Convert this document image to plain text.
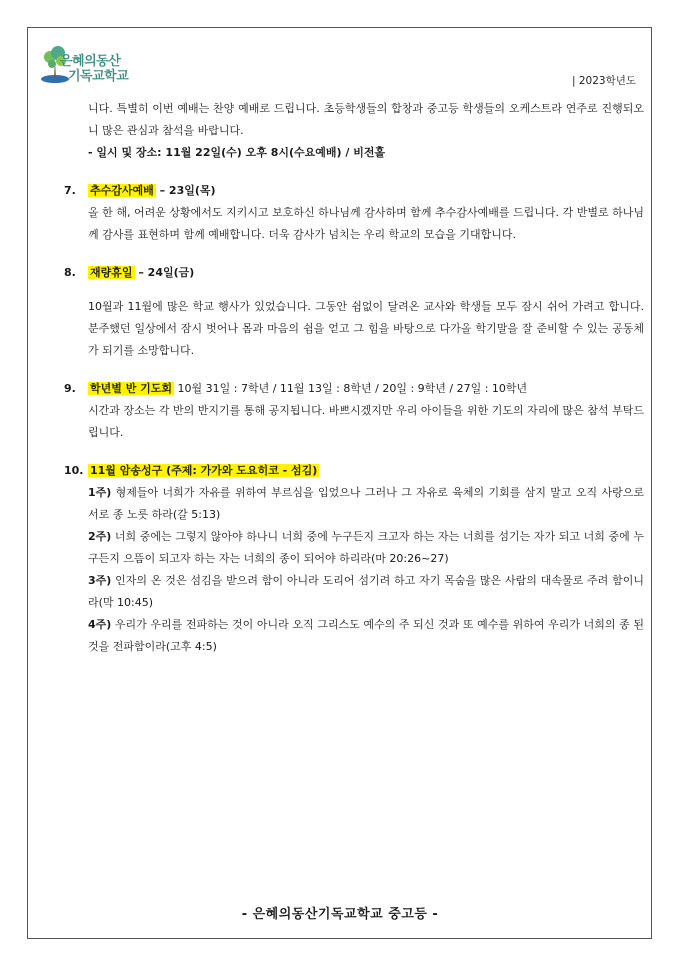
은혜의동산
기독교학교	| 2023학년도

니다. 특별히 이번 예배는 찬양 예배로 드립니다. 초등학생들의 합창과 중고등 학생들의 오케스트라 연주로 진행되오니 많은 관심과 참석을 바랍니다.

- 일시 및 장소: 11월 22일(수) 오후 8시(수요예배) / 비전홀

7. 추수감사예배 – 23일(목)

올 한 해, 어려운 상황에서도 지키시고 보호하신 하나님께 감사하며 함께 추수감사예배를 드립니다. 각 반별로 하나님께 감사를 표현하며 함께 예배합니다. 더욱 감사가 넘치는 우리 학교의 모습을 기대합니다.

8. 재량휴일 – 24일(금)

10월과 11월에 많은 학교 행사가 있었습니다. 그동안 쉼없이 달려온 교사와 학생들 모두 잠시 쉬어 가려고 합니다. 분주했던 일상에서 잠시 벗어나 몸과 마음의 쉼을 얻고 그 힘을 바탕으로 다가올 학기말을 잘 준비할 수 있는 공동체가 되기를 소망합니다.

9. 학년별 반 기도회 10월 31일 : 7학년 / 11월 13일 : 8학년 / 20일 : 9학년 / 27일 : 10학년

시간과 장소는 각 반의 반지기를 통해 공지됩니다. 바쁘시겠지만 우리 아이들을 위한 기도의 자리에 많은 참석 부탁드립니다.

10. 11월 암송성구 (주제: 가가와 도요히코 - 섬김)

1주) 형제들아 너희가 자유를 위하여 부르심을 입었으나 그러나 그 자유로 육체의 기회를 삼지 말고 오직 사랑으로 서로 종 노릇 하라(갈 5:13)

2주) 너희 중에는 그렇지 않아야 하나니 너희 중에 누구든지 크고자 하는 자는 너희를 섬기는 자가 되고 너희 중에 누구든지 으뜸이 되고자 하는 자는 너희의 종이 되어야 하리라(마 20:26~27)

3주) 인자의 온 것은 섬김을 받으려 함이 아니라 도리어 섬기려 하고 자기 목숨을 많은 사람의 대속물로 주려 함이니라(막 10:45)

4주) 우리가 우리를 전파하는 것이 아니라 오직 그리스도 예수의 주 되신 것과 또 예수를 위하여 우리가 너희의 종 된 것을 전파함이라(고후 4:5)

- 은혜의동산기독교학교 중고등 -
